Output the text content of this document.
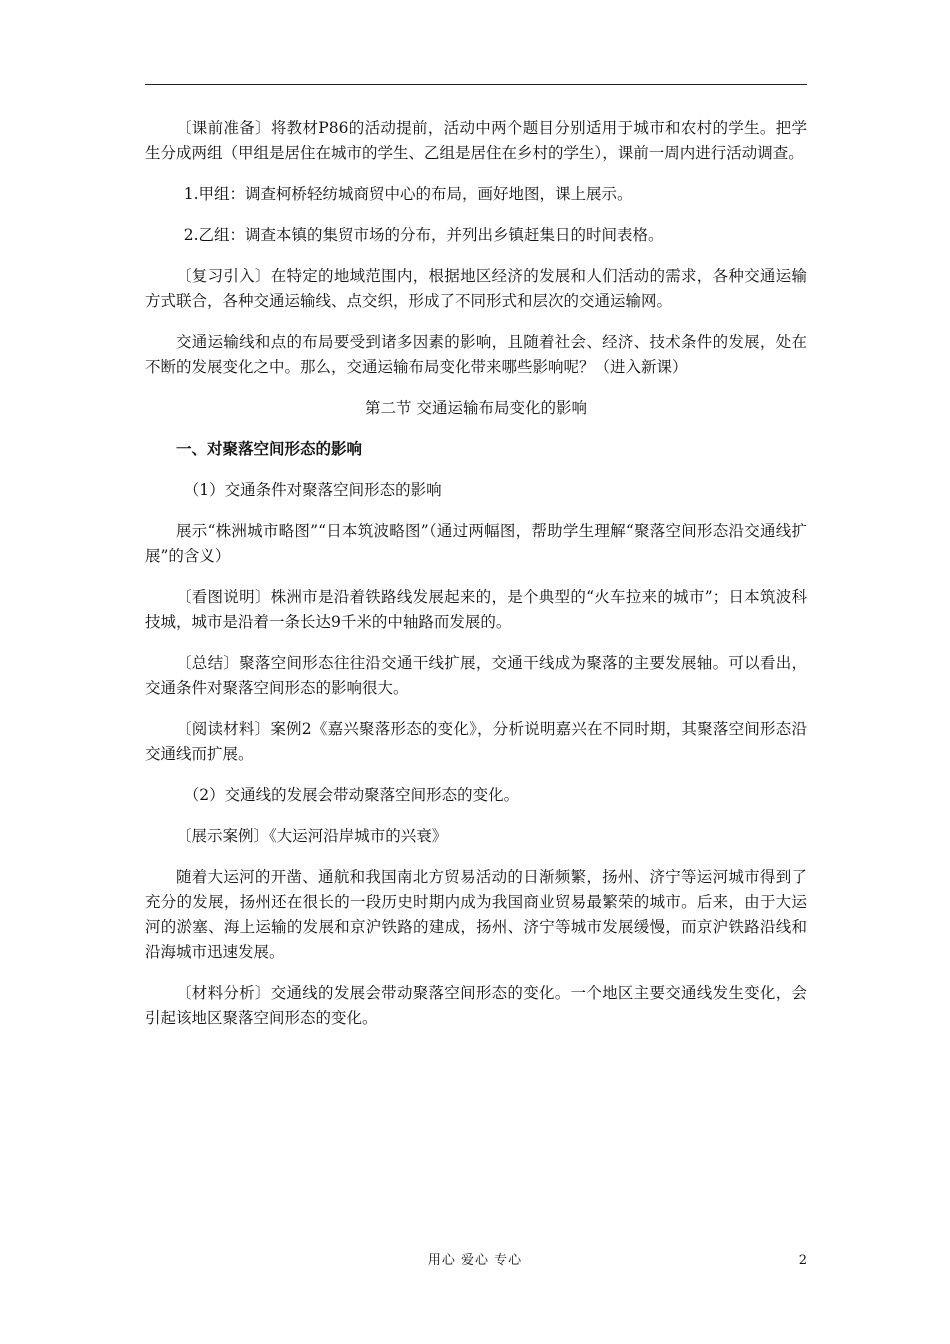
〔课前准备〕将教材P86的活动提前，活动中两个题目分别适用于城市和农村的学生。把学生分成两组（甲组是居住在城市的学生、乙组是居住在乡村的学生），课前一周内进行活动调查。

1.甲组：调查柯桥轻纺城商贸中心的布局，画好地图，课上展示。

2.乙组：调查本镇的集贸市场的分布，并列出乡镇赶集日的时间表格。

〔复习引入〕在特定的地域范围内，根据地区经济的发展和人们活动的需求，各种交通运输方式联合，各种交通运输线、点交织，形成了不同形式和层次的交通运输网。

交通运输线和点的布局要受到诸多因素的影响，且随着社会、经济、技术条件的发展，处在不断的发展变化之中。那么，交通运输布局变化带来哪些影响呢？（进入新课）

第二节 交通运输布局变化的影响

一、对聚落空间形态的影响

（1）交通条件对聚落空间形态的影响

展示“株洲城市略图”“日本筑波略图”（通过两幅图，帮助学生理解“聚落空间形态沿交通线扩展”的含义）

〔看图说明〕株洲市是沿着铁路线发展起来的，是个典型的“火车拉来的城市”；日本筑波科技城，城市是沿着一条长达9千米的中轴路而发展的。

〔总结〕聚落空间形态往往沿交通干线扩展，交通干线成为聚落的主要发展轴。可以看出，交通条件对聚落空间形态的影响很大。

〔阅读材料〕案例2《嘉兴聚落形态的变化》，分析说明嘉兴在不同时期，其聚落空间形态沿交通线而扩展。

（2）交通线的发展会带动聚落空间形态的变化。

〔展示案例〕《大运河沿岸城市的兴衰》

随着大运河的开凿、通航和我国南北方贸易活动的日渐频繁，扬州、济宁等运河城市得到了充分的发展，扬州还在很长的一段历史时期内成为我国商业贸易最繁荣的城市。后来，由于大运河的淤塞、海上运输的发展和京沪铁路的建成，扬州、济宁等城市发展缓慢，而京沪铁路沿线和沿海城市迅速发展。

〔材料分析〕交通线的发展会带动聚落空间形态的变化。一个地区主要交通线发生变化，会引起该地区聚落空间形态的变化。

用心 爱心 专心	2
